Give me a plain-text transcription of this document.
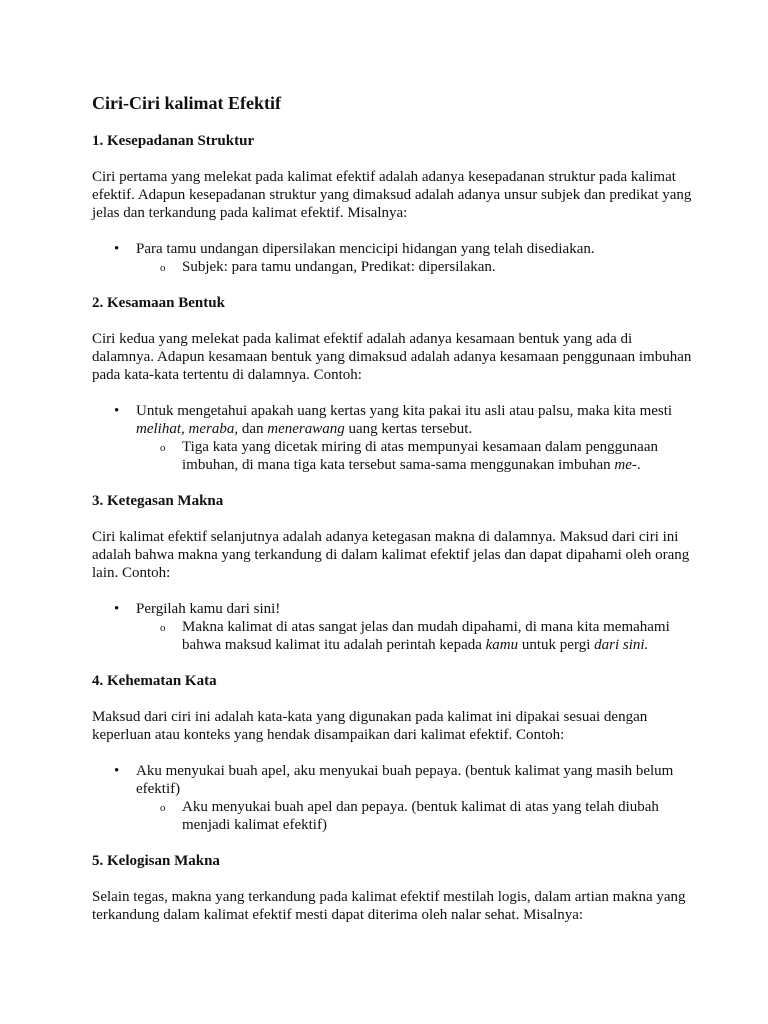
Ciri-Ciri kalimat Efektif
1. Kesepadanan Struktur

Ciri pertama yang melekat pada kalimat efektif adalah adanya kesepadanan struktur pada kalimat efektif. Adapun kesepadanan struktur yang dimaksud adalah adanya unsur subjek dan predikat yang jelas dan terkandung pada kalimat efektif. Misalnya:

• Para tamu undangan dipersilakan mencicipi hidangan yang telah disediakan.
o Subjek: para tamu undangan, Predikat: dipersilakan.
2. Kesamaan Bentuk

Ciri kedua yang melekat pada kalimat efektif adalah adanya kesamaan bentuk yang ada di dalamnya. Adapun kesamaan bentuk yang dimaksud adalah adanya kesamaan penggunaan imbuhan pada kata-kata tertentu di dalamnya. Contoh:

• Untuk mengetahui apakah uang kertas yang kita pakai itu asli atau palsu, maka kita mesti melihat, meraba, dan menerawang uang kertas tersebut.
o Tiga kata yang dicetak miring di atas mempunyai kesamaan dalam penggunaan imbuhan, di mana tiga kata tersebut sama-sama menggunakan imbuhan me-.
3. Ketegasan Makna

Ciri kalimat efektif selanjutnya adalah adanya ketegasan makna di dalamnya. Maksud dari ciri ini adalah bahwa makna yang terkandung di dalam kalimat efektif jelas dan dapat dipahami oleh orang lain. Contoh:

• Pergilah kamu dari sini!
o Makna kalimat di atas sangat jelas dan mudah dipahami, di mana kita memahami bahwa maksud kalimat itu adalah perintah kepada kamu untuk pergi dari sini.
4. Kehematan Kata

Maksud dari ciri ini adalah kata-kata yang digunakan pada kalimat ini dipakai sesuai dengan keperluan atau konteks yang hendak disampaikan dari kalimat efektif. Contoh:

• Aku menyukai buah apel, aku menyukai buah pepaya. (bentuk kalimat yang masih belum efektif)
o Aku menyukai buah apel dan pepaya. (bentuk kalimat di atas yang telah diubah menjadi kalimat efektif)
5. Kelogisan Makna

Selain tegas, makna yang terkandung pada kalimat efektif mestilah logis, dalam artian makna yang terkandung dalam kalimat efektif mesti dapat diterima oleh nalar sehat. Misalnya:
